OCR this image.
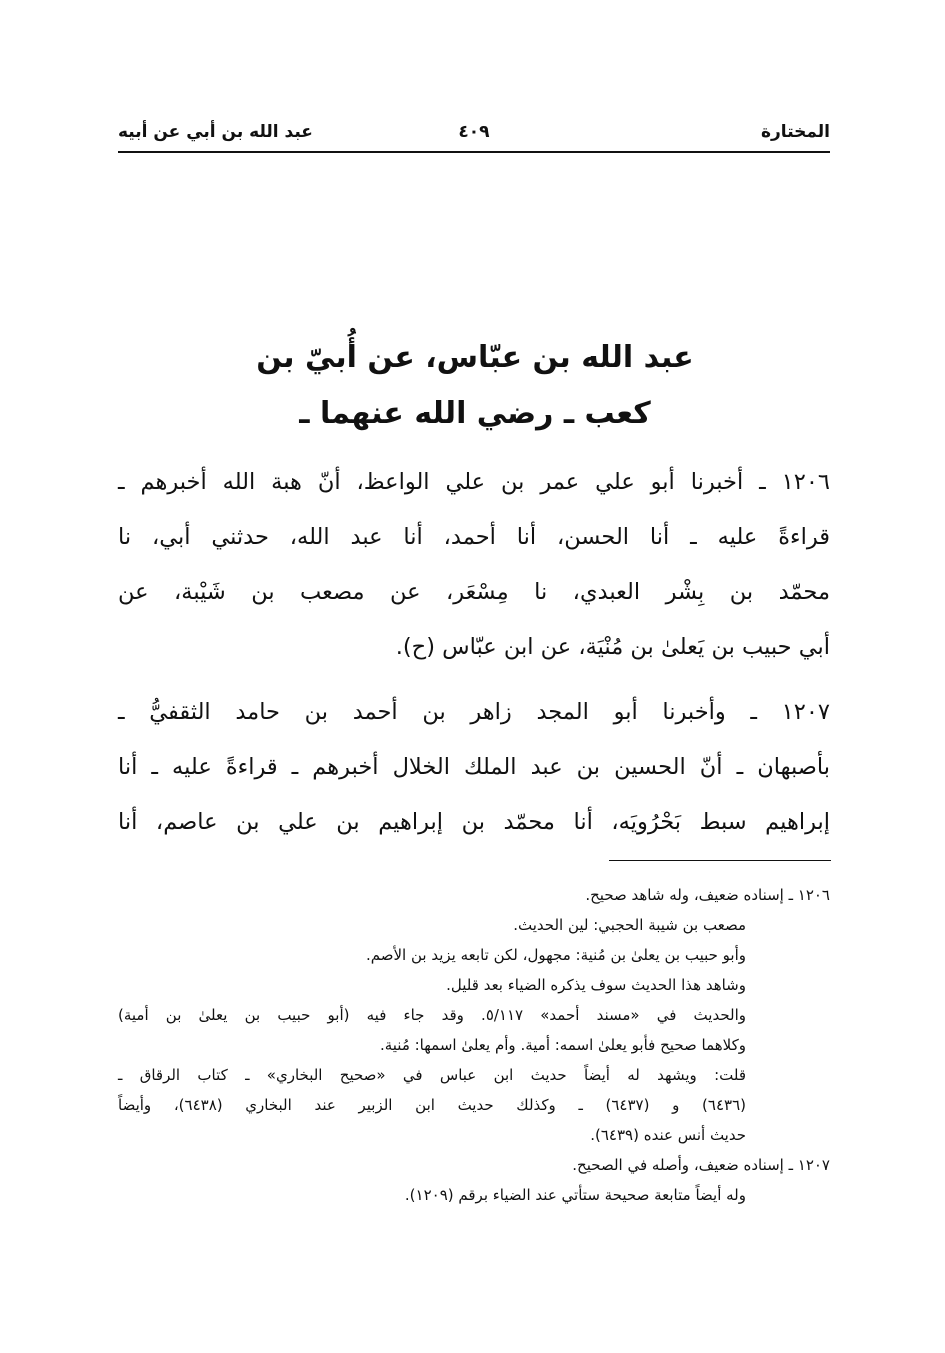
المختارة
٤٠٩
عبد الله بن أبي عن أبيه
عبد الله بن عبّاس، عن أُبيّ بن
كعب ـ رضي الله عنهما ـ
١٢٠٦ ـ أخبرنا أبو علي عمر بن علي الواعظ، أنّ هبة الله أخبرهم ـ
قراءةً عليه ـ أنا الحسن، أنا أحمد، أنا عبد الله، حدثني أبي، نا
محمّد بن بِشْر العبدي، نا مِسْعَر، عن مصعب بن شَيْبة، عن
أبي حبيب بن يَعلىٰ بن مُنْيَة، عن ابن عبّاس (ح).
١٢٠٧ ـ وأخبرنا أبو المجد زاهر بن أحمد بن حامد الثقفيُّ ـ
بأصبهان ـ أنّ الحسين بن عبد الملك الخلال أخبرهم ـ قراءةً عليه ـ أنا
إبراهيم سبط بَحْرُويَه، أنا محمّد بن إبراهيم بن علي بن عاصم، أنا
١٢٠٦ ـ إسناده ضعيف، وله شاهد صحيح.
مصعب بن شيبة الحجبي: لين الحديث.
وأبو حبيب بن يعلىٰ بن مُنية: مجهول، لكن تابعه يزيد بن الأصم.
وشاهد هذا الحديث سوف يذكره الضياء بعد قليل.
والحديث في «مسند أحمد» ٥/١١٧. وقد جاء فيه (أبو حبيب بن يعلىٰ بن أمية)
وكلاهما صحيح فأبو يعلىٰ اسمه: أمية. وأم يعلىٰ اسمها: مُنية.
قلت: ويشهد له أيضاً حديث ابن عباس في «صحيح البخاري» ـ كتاب الرقاق ـ
(٦٤٣٦) و (٦٤٣٧) ـ وكذلك حديث ابن الزبير عند البخاري (٦٤٣٨)، وأيضاً
حديث أنس عنده (٦٤٣٩).
١٢٠٧ ـ إسناده ضعيف، وأصله في الصحيح.
وله أيضاً متابعة صحيحة ستأتي عند الضياء برقم (١٢٠٩).
